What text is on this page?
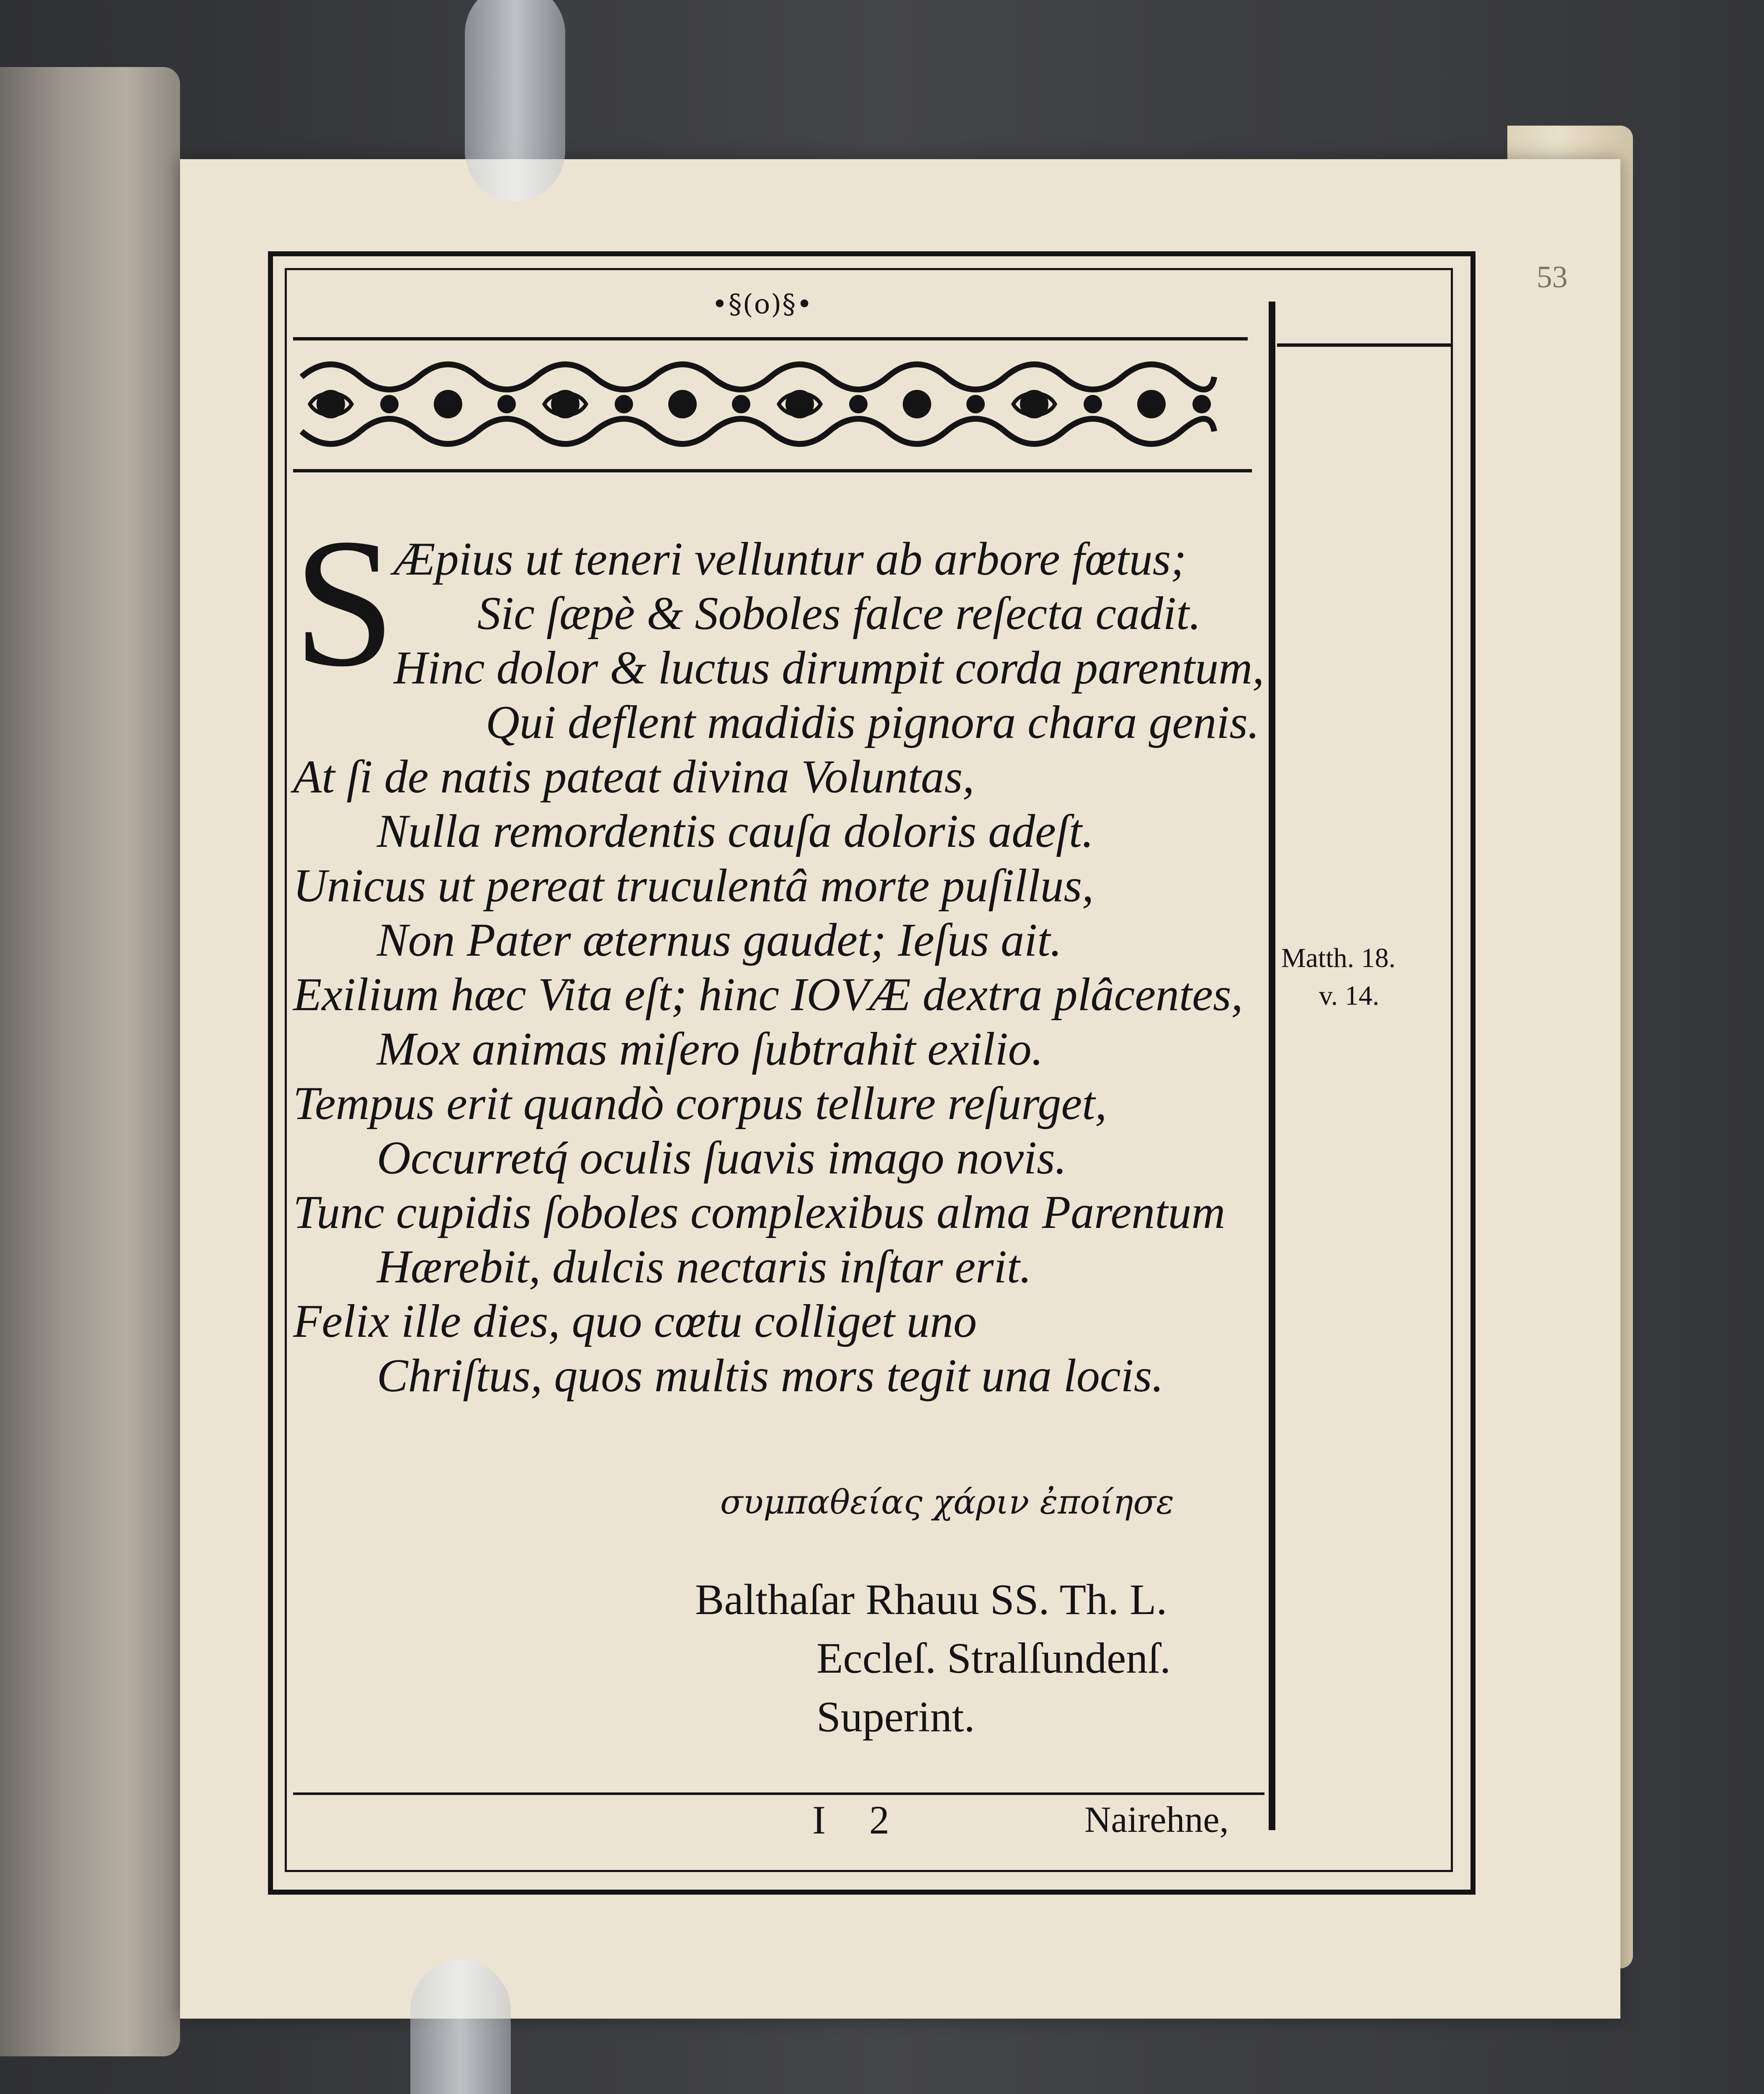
53
•§(o)§•
S
Æpius ut teneri velluntur ab arbore fœtus;
Sic ſæpè & Soboles falce reſecta cadit.
Hinc dolor & luctus dirumpit corda parentum,
Qui deflent madidis pignora chara genis.
At ſi de natis pateat divina Voluntas,
Nulla remordentis cauſa doloris adeſt.
Unicus ut pereat truculentâ morte puſillus,
Non Pater æternus gaudet; Ieſus ait.
Exilium hæc Vita eſt; hinc IOVÆ dextra plâcentes,
Mox animas miſero ſubtrahit exilio.
Tempus erit quandò corpus tellure reſurget,
Occurretq́ oculis ſuavis imago novis.
Tunc cupidis ſoboles complexibus alma Parentum
Hærebit, dulcis nectaris inſtar erit.
Felix ille dies, quo cœtu colliget uno
Chriſtus, quos multis mors tegit una locis.
Matth. 18.
v. 14.
συμπαθείας χάριν ἐποίησε
Balthaſar Rhauu SS. Th. L.
Eccleſ. Stralſundenſ.
Superint.
I 2	Nairehne,
